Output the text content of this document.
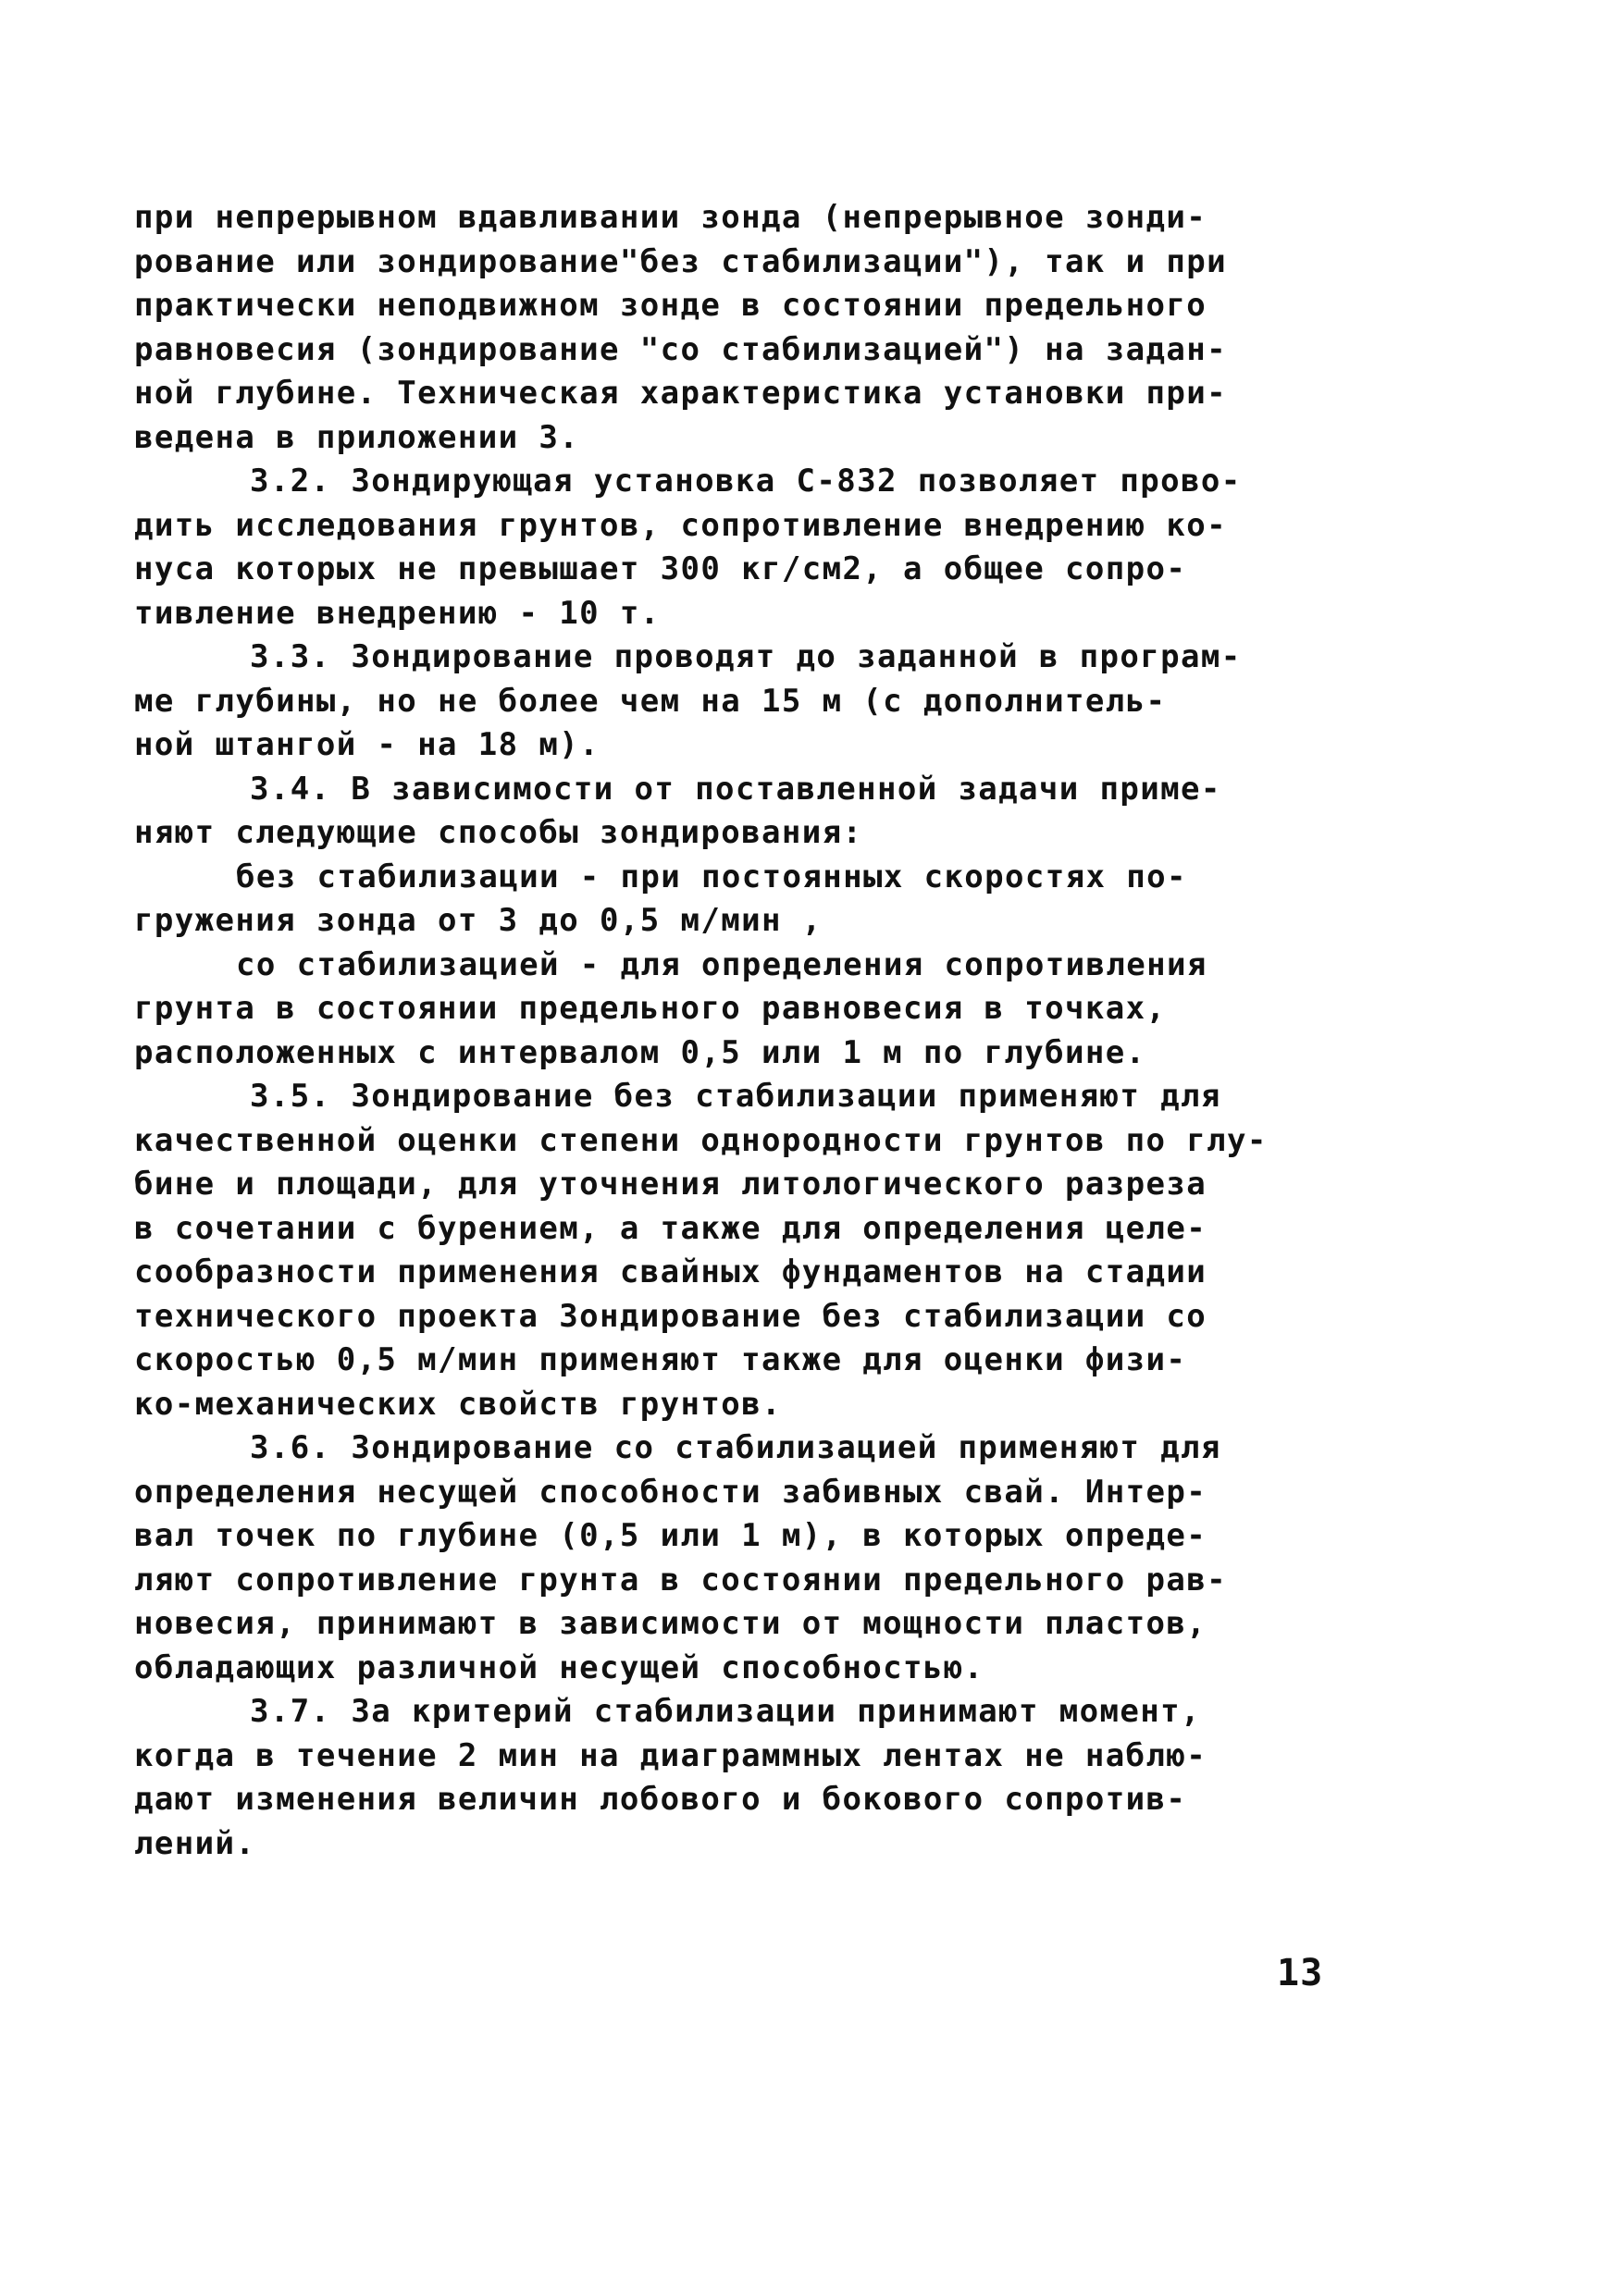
при непрерывном вдавливании зонда (непрерывное зонди-
рование или зондирование"без стабилизации"), так и при
практически неподвижном зонде в состоянии предельного
равновесия (зондирование "со стабилизацией") на задан-
ной глубине. Техническая характеристика установки при-
ведена в приложении 3.
3.2. Зондирующая установка С-832 позволяет прово-
дить исследования грунтов, сопротивление внедрению ко-
нуса которых не превышает 300 кг/см2, а общее сопро-
тивление внедрению - 10 т.
3.3. Зондирование проводят до заданной в програм-
ме глубины, но не более чем на 15 м (с дополнитель-
ной штангой - на 18 м).
3.4. В зависимости от поставленной задачи приме-
няют следующие способы зондирования:
без стабилизации - при постоянных скоростях по-
гружения зонда от 3 до 0,5 м/мин ,
со стабилизацией - для определения сопротивления
грунта в состоянии предельного равновесия в точках,
расположенных с интервалом 0,5 или 1 м по глубине.
3.5. Зондирование без стабилизации применяют для
качественной оценки степени однородности грунтов по глу-
бине и площади, для уточнения литологического разреза
в сочетании с бурением, а также для определения целе-
сообразности применения свайных фундаментов на стадии
технического проекта Зондирование без стабилизации со
скоростью 0,5 м/мин применяют также для оценки физи-
ко-механических свойств грунтов.
3.6. Зондирование со стабилизацией применяют для
определения несущей способности забивных свай. Интер-
вал точек по глубине (0,5 или 1 м), в которых опреде-
ляют сопротивление грунта в состоянии предельного рав-
новесия, принимают в зависимости от мощности пластов,
обладающих различной несущей способностью.
3.7. За критерий стабилизации принимают момент,
когда в течение 2 мин на диаграммных лентах не наблю-
дают изменения величин лобового и бокового сопротив-
лений.
13
